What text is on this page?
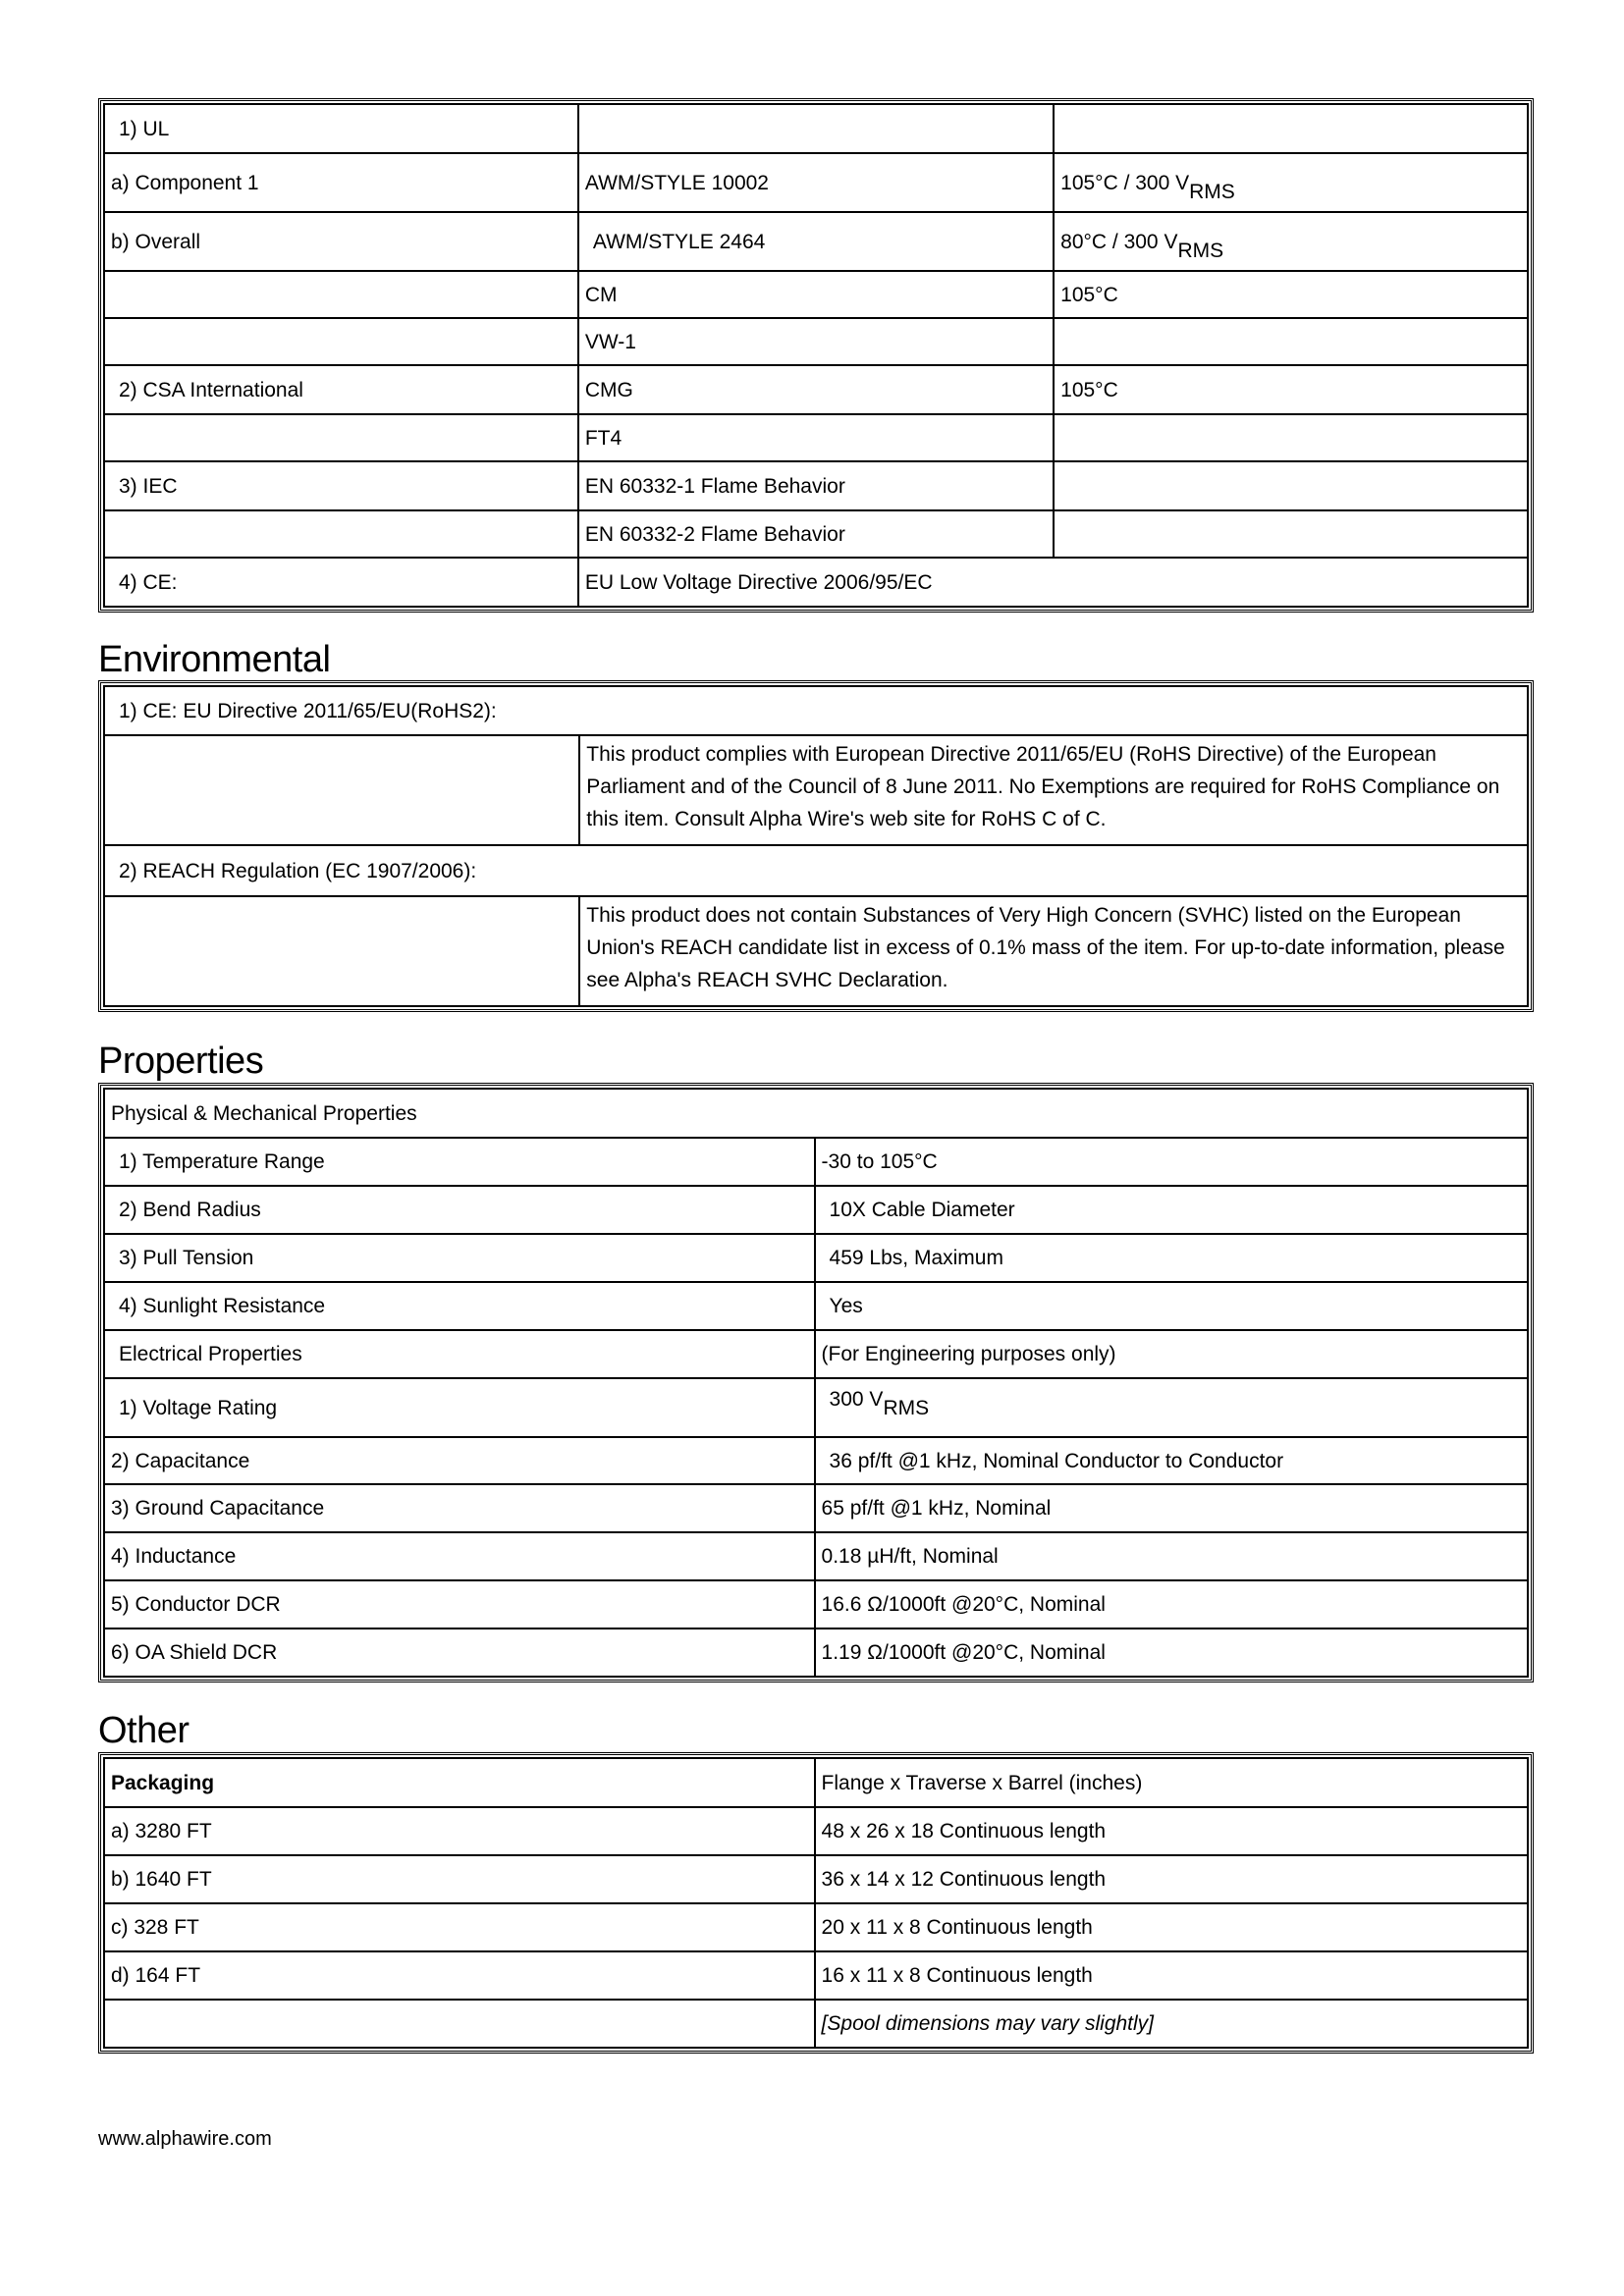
1) UL		
a) Component 1	AWM/STYLE 10002	105°C / 300 VRMS
b) Overall	AWM/STYLE 2464	80°C / 300 VRMS
	CM	105°C
	VW-1	
2) CSA International	CMG	105°C
	FT4	
3) IEC	EN 60332-1 Flame Behavior	
	EN 60332-2 Flame Behavior	
4) CE:	EU Low Voltage Directive 2006/95/EC	
Environmental
1) CE: EU Directive 2011/65/EU(RoHS2):	
	This product complies with European Directive 2011/65/EU (RoHS Directive) of the European Parliament and of the Council of 8 June 2011. No Exemptions are required for RoHS Compliance on this item. Consult Alpha Wire's web site for RoHS C of C.
2) REACH Regulation (EC 1907/2006):	
	This product does not contain Substances of Very High Concern (SVHC) listed on the European Union's REACH candidate list in excess of 0.1% mass of the item. For up-to-date information, please see Alpha's REACH SVHC Declaration.
Properties
Physical & Mechanical Properties	
1) Temperature Range	-30 to 105°C
2) Bend Radius	10X Cable Diameter
3) Pull Tension	459 Lbs, Maximum
4) Sunlight Resistance	Yes
Electrical Properties	(For Engineering purposes only)
1) Voltage Rating	300 VRMS
2) Capacitance	36 pf/ft @1 kHz, Nominal Conductor to Conductor
3) Ground Capacitance	65 pf/ft @1 kHz, Nominal
4) Inductance	0.18 µH/ft, Nominal
5) Conductor DCR	16.6 Ω/1000ft @20°C, Nominal
6) OA Shield DCR	1.19 Ω/1000ft @20°C, Nominal
Other
Packaging	Flange x Traverse x Barrel (inches)
a) 3280 FT	48 x 26 x 18 Continuous length
b) 1640 FT	36 x 14 x 12 Continuous length
c) 328 FT	20 x 11 x 8 Continuous length
d) 164 FT	16 x 11 x 8 Continuous length
	[Spool dimensions may vary slightly]
www.alphawire.com
